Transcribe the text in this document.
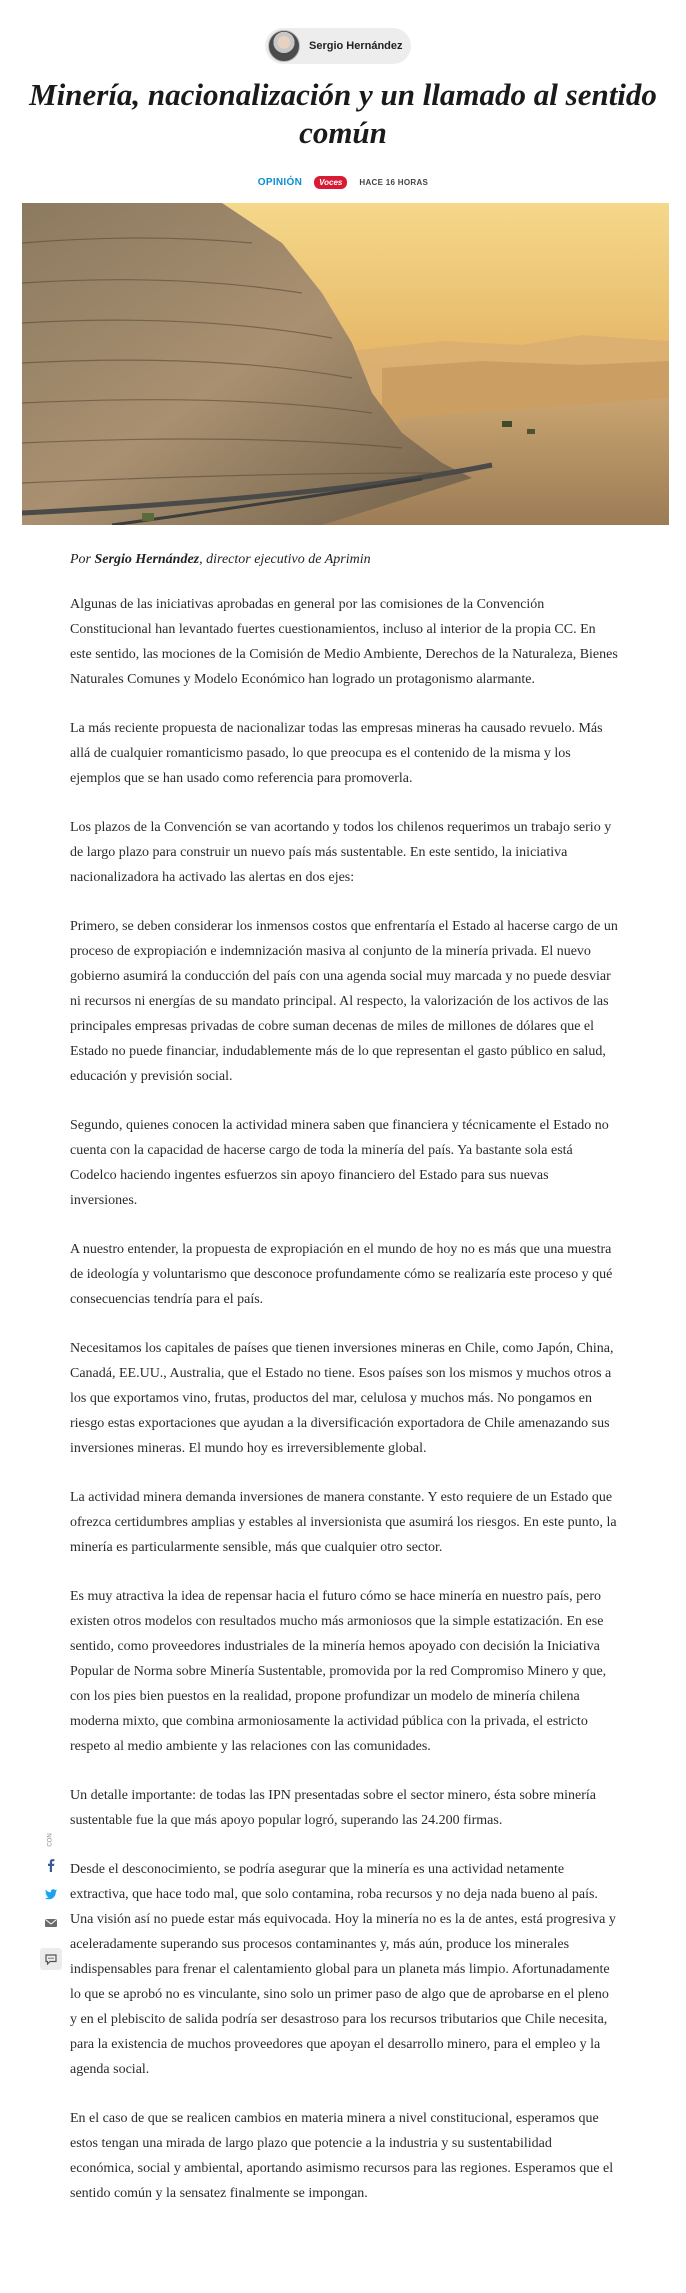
Sergio Hernández
Minería, nacionalización y un llamado al sentido común
OPINIÓN	Voces	HACE 16 HORAS

Por Sergio Hernández, director ejecutivo de Aprimin

Algunas de las iniciativas aprobadas en general por las comisiones de la Convención Constitucional han levantado fuertes cuestionamientos, incluso al interior de la propia CC. En este sentido, las mociones de la Comisión de Medio Ambiente, Derechos de la Naturaleza, Bienes Naturales Comunes y Modelo Económico han logrado un protagonismo alarmante.

La más reciente propuesta de nacionalizar todas las empresas mineras ha causado revuelo. Más allá de cualquier romanticismo pasado, lo que preocupa es el contenido de la misma y los ejemplos que se han usado como referencia para promoverla.

Los plazos de la Convención se van acortando y todos los chilenos requerimos un trabajo serio y de largo plazo para construir un nuevo país más sustentable. En este sentido, la iniciativa nacionalizadora ha activado las alertas en dos ejes:

Primero, se deben considerar los inmensos costos que enfrentaría el Estado al hacerse cargo de un proceso de expropiación e indemnización masiva al conjunto de la minería privada. El nuevo gobierno asumirá la conducción del país con una agenda social muy marcada y no puede desviar ni recursos ni energías de su mandato principal. Al respecto, la valorización de los activos de las principales empresas privadas de cobre suman decenas de miles de millones de dólares que el Estado no puede financiar, indudablemente más de lo que representan el gasto público en salud, educación y previsión social.

Segundo, quienes conocen la actividad minera saben que financiera y técnicamente el Estado no cuenta con la capacidad de hacerse cargo de toda la minería del país. Ya bastante sola está Codelco haciendo ingentes esfuerzos sin apoyo financiero del Estado para sus nuevas inversiones.

A nuestro entender, la propuesta de expropiación en el mundo de hoy no es más que una muestra de ideología y voluntarismo que desconoce profundamente cómo se realizaría este proceso y qué consecuencias tendría para el país.

Necesitamos los capitales de países que tienen inversiones mineras en Chile, como Japón, China, Canadá, EE.UU., Australia, que el Estado no tiene. Esos países son los mismos y muchos otros a los que exportamos vino, frutas, productos del mar, celulosa y muchos más. No pongamos en riesgo estas exportaciones que ayudan a la diversificación exportadora de Chile amenazando sus inversiones mineras. El mundo hoy es irreversiblemente global.

La actividad minera demanda inversiones de manera constante. Y esto requiere de un Estado que ofrezca certidumbres amplias y estables al inversionista que asumirá los riesgos. En este punto, la minería es particularmente sensible, más que cualquier otro sector.

Es muy atractiva la idea de repensar hacia el futuro cómo se hace minería en nuestro país, pero existen otros modelos con resultados mucho más armoniosos que la simple estatización. En ese sentido, como proveedores industriales de la minería hemos apoyado con decisión la Iniciativa Popular de Norma sobre Minería Sustentable, promovida por la red Compromiso Minero y que, con los pies bien puestos en la realidad, propone profundizar un modelo de minería chilena moderna mixto, que combina armoniosamente la actividad pública con la privada, el estricto respeto al medio ambiente y las relaciones con las comunidades.

Un detalle importante: de todas las IPN presentadas sobre el sector minero, ésta sobre minería sustentable fue la que más apoyo popular logró, superando las 24.200 firmas.

Desde el desconocimiento, se podría asegurar que la minería es una actividad netamente extractiva, que hace todo mal, que solo contamina, roba recursos y no deja nada bueno al país. Una visión así no puede estar más equivocada. Hoy la minería no es la de antes, está progresiva y aceleradamente superando sus procesos contaminantes y, más aún, produce los minerales indispensables para frenar el calentamiento global para un planeta más limpio. Afortunadamente lo que se aprobó no es vinculante, sino solo un primer paso de algo que de aprobarse en el pleno y en el plebiscito de salida podría ser desastroso para los recursos tributarios que Chile necesita, para la existencia de muchos proveedores que apoyan el desarrollo minero, para el empleo y la agenda social.

En el caso de que se realicen cambios en materia minera a nivel constitucional, esperamos que estos tengan una mirada de largo plazo que potencie a la industria y su sustentabilidad económica, social y ambiental, aportando asimismo recursos para las regiones. Esperamos que el sentido común y la sensatez finalmente se impongan.

CON
